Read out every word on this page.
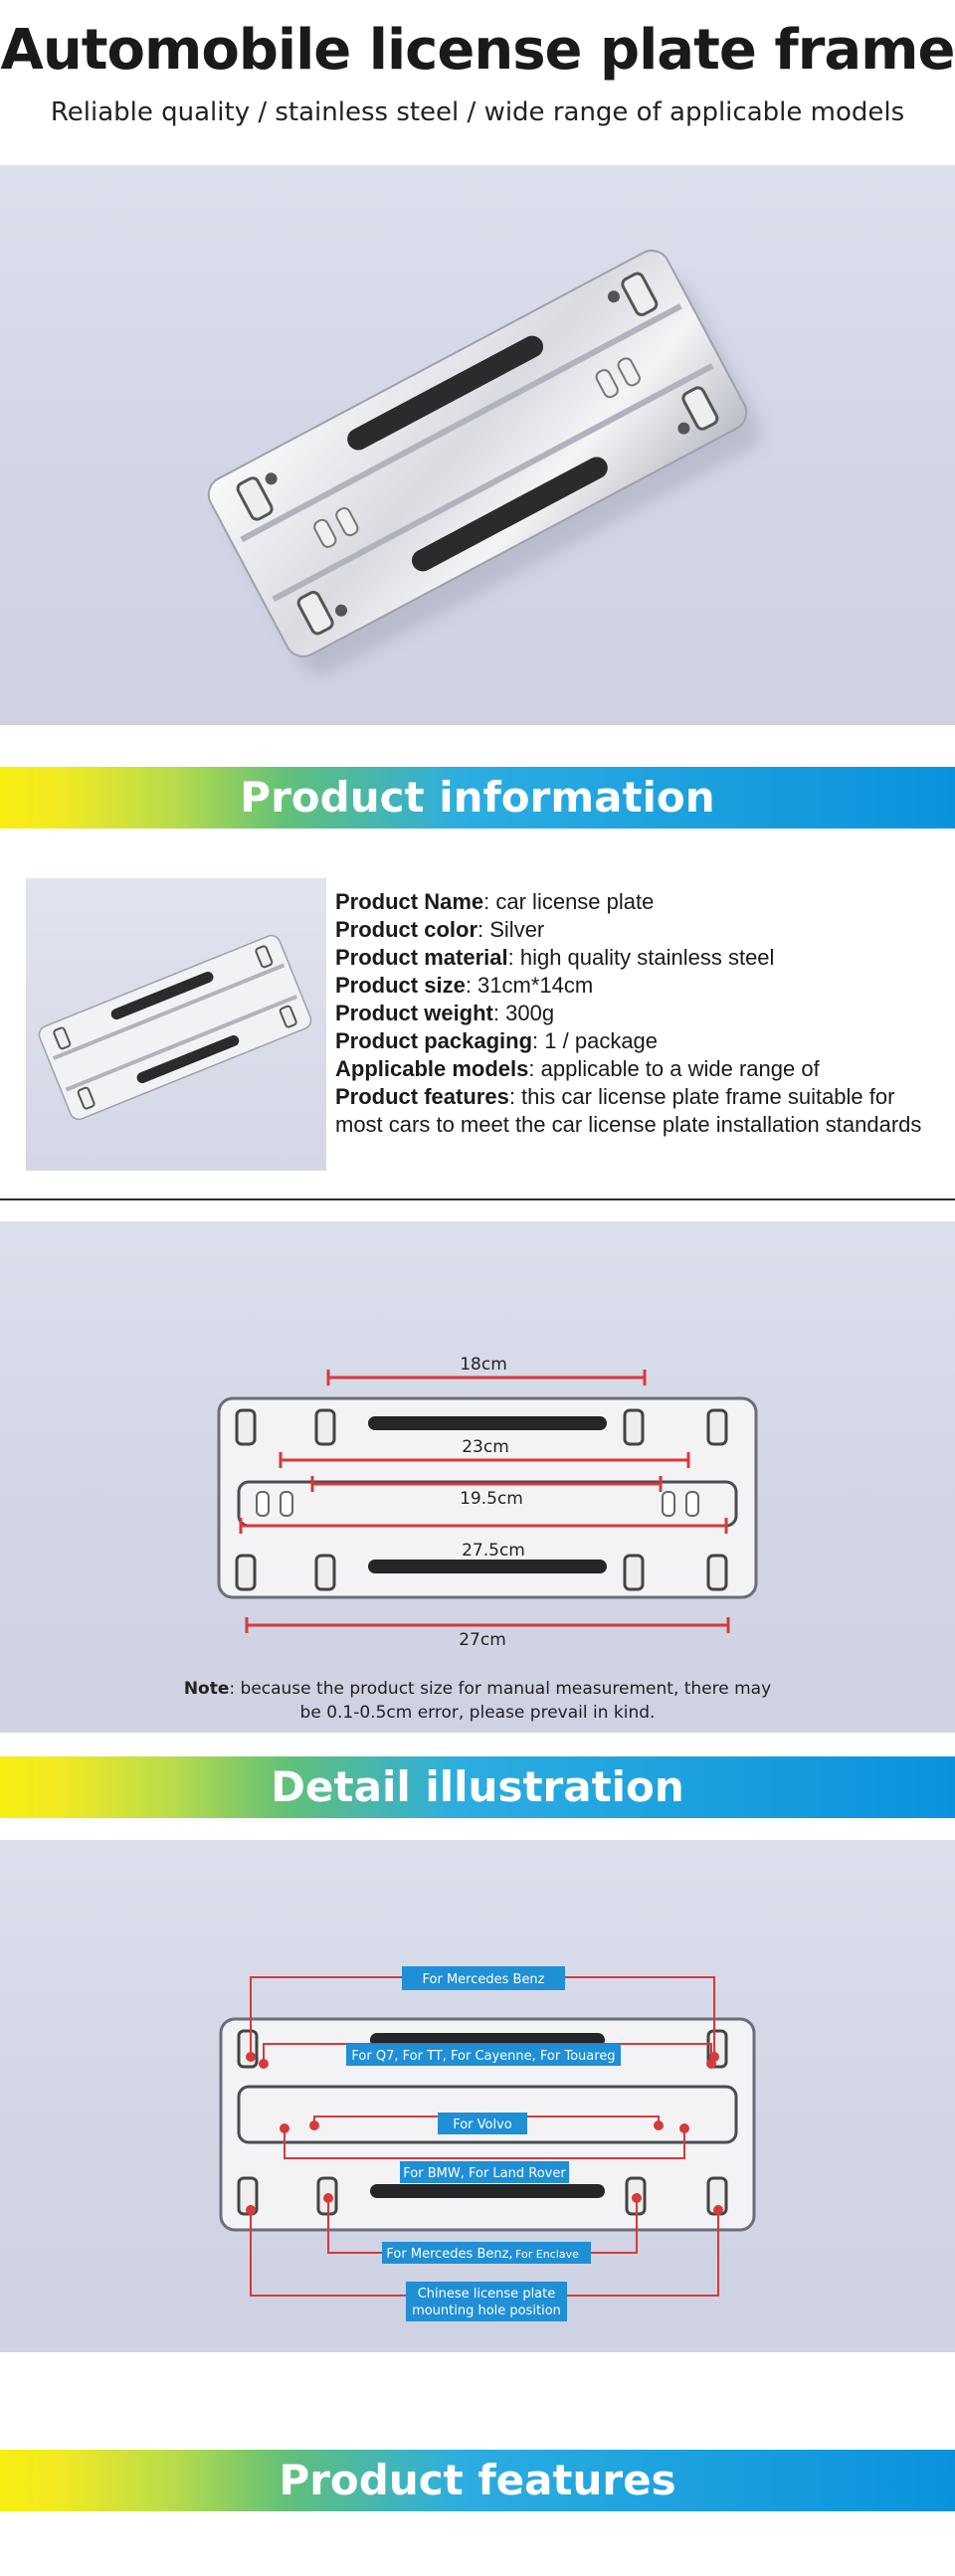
Automobile license plate frame
Reliable quality / stainless steel / wide range of applicable models
Product information
Product Name: car license plate
Product color: Silver
Product material: high quality stainless steel
Product size: 31cm*14cm
Product weight: 300g
Product packaging: 1 / package
Applicable models: applicable to a wide range of
Product features: this car license plate frame suitable for most cars to meet the car license plate installation standards
18cm
23cm
19.5cm
27.5cm
27cm
Note: because the product size for manual measurement, there may
be 0.1-0.5cm error, please prevail in kind.
Detail illustration
For Mercedes Benz
For Q7, For TT, For Cayenne, For Touareg
For Volvo
For BMW, For Land Rover
For Mercedes Benz, For Enclave
Chinese license plate
mounting hole position
Product features
